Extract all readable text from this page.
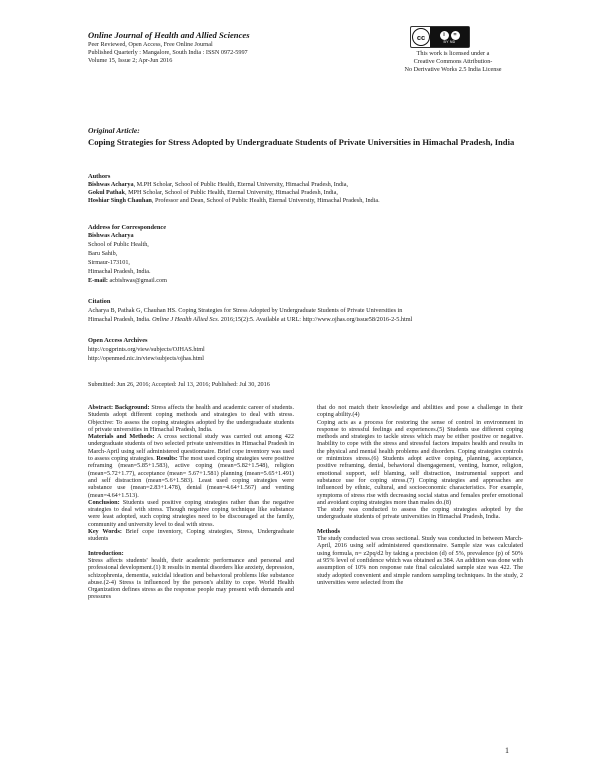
Online Journal of Health and Allied Sciences
Peer Reviewed, Open Access, Free Online Journal
Published Quarterly : Mangalore, South India : ISSN 0972-5997
Volume 15, Issue 2; Apr-Jun 2016
cc	i	=
BY ND
This work is licensed under a
Creative Commons Attribution-
No Derivative Works 2.5 India License
Original Article:
Coping Strategies for Stress Adopted by Undergraduate Students of Private Universities in Himachal Pradesh, India
Authors
Bishwas Acharya, M.PH Scholar, School of Public Health, Eternal University, Himachal Pradesh, India,
Gokul Pathak, MPH Scholar, School of Public Health, Eternal University, Himachal Pradesh, India,
Hoshiar Singh Chauhan, Professor and Dean, School of Public Health, Eternal University, Himachal Pradesh, India.
Address for Correspondence
Bishwas Acharya
School of Public Health,
Baru Sahib,
Sirmaur-173101,
Himachal Pradesh, India.
E-mail: acbishwas@gmail.com
Citation
Acharya B, Pathak G, Chauhan HS. Coping Strategies for Stress Adopted by Undergraduate Students of Private Universities in
Himachal Pradesh, India. Online J Health Allied Scs. 2016;15(2):5. Available at URL: http://www.ojhas.org/issue58/2016-2-5.html
Open Access Archives
http://cogprints.org/view/subjects/OJHAS.html
http://openmed.nic.in/view/subjects/ojhas.html
Submitted: Jun 26, 2016; Accepted: Jul 13, 2016; Published: Jul 30, 2016

Abstract: Background: Stress affects the health and academic career of students. Students adopt different coping methods and strategies to deal with stress. Objective: To assess the coping strategies adopted by the undergraduate students of private universities in Himachal Pradesh, India.

Materials and Methods: A cross sectional study was carried out among 422 undergraduate students of two selected private universities in Himachal Pradesh in March-April using self administered questionnaire. Brief cope inventory was used to assess coping strategies. Results: The most used coping strategies were positive reframing (mean=5.85+1.583), active coping (mean=5.82+1.548), religion (mean=5.72+1.77), acceptance (mean= 5.67+1.581) planning (mean=5.65+1.491) and self distraction (mean=5.6+1.583). Least used coping strategies were substance use (mean=2.83+1.478), denial (mean=4.64+1.567) and venting (mean=4.64+1.513).

Conclusion: Students used positive coping strategies rather than the negative strategies to deal with stress. Though negative coping technique like substance were least adopted, such coping strategies need to be discouraged at the family, community and university level to deal with stress.

Key Words: Brief cope inventory, Coping strategies, Stress, Undergraduate students

Introduction:

Stress affects students' health, their academic performance and personal and professional development.(1) It results in mental disorders like anxiety, depression, schizophrenia, dementia, suicidal ideation and behavioral problems like substance abuse.(2-4) Stress is influenced by the person's ability to cope. World Health Organization defines stress as the response people may present with demands and pressures

that do not match their knowledge and abilities and pose a challenge in their coping ability.(4)

Coping acts as a process for restoring the sense of control in environment in response to stressful feelings and experiences.(5) Students use different coping methods and strategies to tackle stress which may be either positive or negative. Inability to cope with the stress and stressful factors impairs health and results in the physical and mental health problems and disorders. Coping strategies controls or minimizes stress.(6) Students adopt active coping, planning, acceptance, positive reframing, denial, behavioral disengagement, venting, humor, religion, emotional support, self blaming, self distraction, instrumental support and substance use for coping stress.(7) Coping strategies and approaches are influenced by ethnic, cultural, and socioeconomic characteristics. For example, symptoms of stress rise with decreasing social status and females prefer emotional and avoidant coping strategies more than males do.(8)

The study was conducted to assess the coping strategies adopted by the undergraduate students of private universities in Himachal Pradesh, India.

Methods

The study conducted was cross sectional. Study was conducted in between March-April, 2016 using self administered questionnaire. Sample size was calculated using formula, n= z2pq/d2 by taking a precision (d) of 5%, prevalence (p) of 50% at 95% level of confidence which was obtained as 384. An addition was done with assumption of 10% non response rate final calculated sample size was 422. The study adopted convenient and simple random sampling techniques. In the study, 2 universities were selected from the

1
